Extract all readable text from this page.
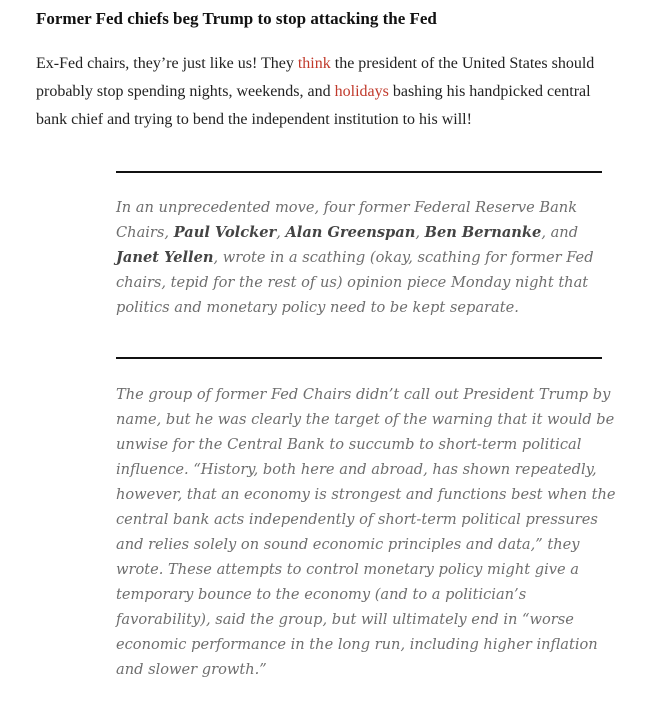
Former Fed chiefs beg Trump to stop attacking the Fed

Ex-Fed chairs, they’re just like us! They think the president of the United States should
probably stop spending nights, weekends, and holidays bashing his handpicked central
bank chief and trying to bend the independent institution to his will!

In an unprecedented move, four former Federal Reserve Bank
Chairs, Paul Volcker, Alan Greenspan, Ben Bernanke, and
Janet Yellen, wrote in a scathing (okay, scathing for former Fed
chairs, tepid for the rest of us) opinion piece Monday night that
politics and monetary policy need to be kept separate.

The group of former Fed Chairs didn’t call out President Trump by
name, but he was clearly the target of the warning that it would be
unwise for the Central Bank to succumb to short-term political
influence. “History, both here and abroad, has shown repeatedly,
however, that an economy is strongest and functions best when the
central bank acts independently of short-term political pressures
and relies solely on sound economic principles and data,” they
wrote. These attempts to control monetary policy might give a
temporary bounce to the economy (and to a politician’s
favorability), said the group, but will ultimately end in “worse
economic performance in the long run, including higher inflation
and slower growth.”
